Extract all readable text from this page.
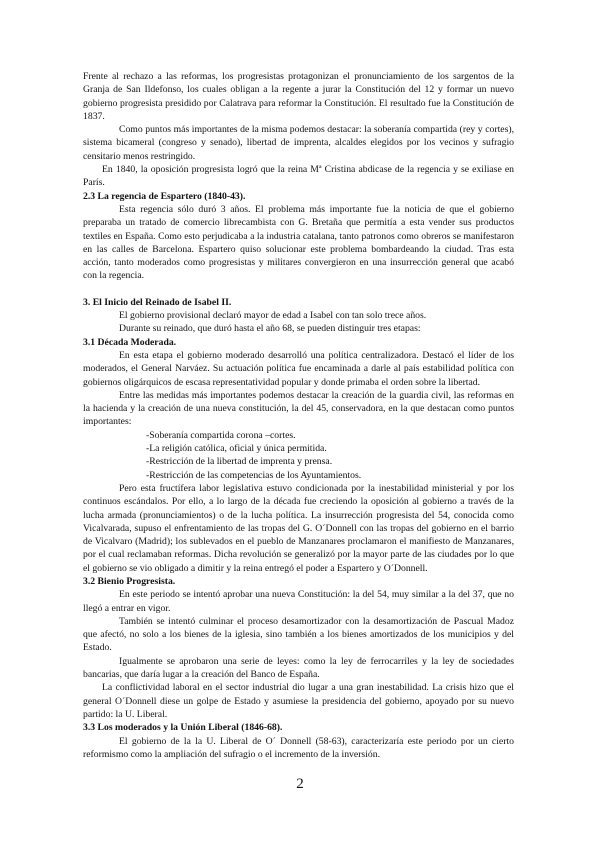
Frente al rechazo a las reformas, los progresistas protagonizan el pronunciamiento de los sargentos de la Granja de San Ildefonso, los cuales obligan a la regente a jurar la Constitución del 12 y formar un nuevo gobierno progresista presidido por Calatrava para reformar la Constitución. El resultado fue la Constitución de 1837.

Como puntos más importantes de la misma podemos destacar: la soberanía compartida (rey y cortes), sistema bicameral (congreso y senado), libertad de imprenta, alcaldes elegidos por los vecinos y sufragio censitario menos restringido.

En 1840, la oposición progresista logró que la reina Mª Cristina abdicase de la regencia y se exiliase en París.

2.3 La regencia de Espartero (1840-43).

Esta regencia sólo duró 3 años. El problema más importante fue la noticia de que el gobierno preparaba un tratado de comercio librecambista con G. Bretaña que permitía a esta vender sus productos textiles en España. Como esto perjudicaba a la industria catalana, tanto patronos como obreros se manifestaron en las calles de Barcelona. Espartero quiso solucionar este problema bombardeando la ciudad. Tras esta acción, tanto moderados como progresistas y militares convergieron en una insurrección general que acabó con la regencia.

3. El Inicio del Reinado de Isabel II.

El gobierno provisional declaró mayor de edad a Isabel con tan solo trece años.

Durante su reinado, que duró hasta el año 68, se pueden distinguir tres etapas:

3.1 Década Moderada.

En esta etapa el gobierno moderado desarrolló una política centralizadora. Destacó el líder de los moderados, el General Narváez. Su actuación política fue encaminada a darle al país estabilidad política con gobiernos oligárquicos de escasa representatividad popular y donde primaba el orden sobre la libertad.

Entre las medidas más importantes podemos destacar la creación de la guardia civil, las reformas en la hacienda y la creación de una nueva constitución, la del 45, conservadora, en la que destacan como puntos importantes:

-Soberanía compartida corona –cortes.
-La religión católica, oficial y única permitida.
-Restricción de la libertad de imprenta y prensa.
-Restricción de las competencias de los Ayuntamientos.

Pero esta fructífera labor legislativa estuvo condicionada por la inestabilidad ministerial y por los continuos escándalos. Por ello, a lo largo de la década fue creciendo la oposición al gobierno a través de la lucha armada (pronunciamientos) o de la lucha política. La insurrección progresista del 54, conocida como Vicalvarada, supuso el enfrentamiento de las tropas del G. O´Donnell con las tropas del gobierno en el barrio de Vicalvaro (Madrid); los sublevados en el pueblo de Manzanares proclamaron el manifiesto de Manzanares, por el cual reclamaban reformas. Dicha revolución se generalizó por la mayor parte de las ciudades por lo que el gobierno se vio obligado a dimitir y la reina entregó el poder a Espartero y O´Donnell.

3.2 Bienio Progresista.

En este periodo se intentó aprobar una nueva Constitución: la del 54, muy similar a la del 37, que no llegó a entrar en vigor.

También se intentó culminar el proceso desamortizador con la desamortización de Pascual Madoz que afectó, no solo a los bienes de la iglesia, sino también a los bienes amortizados de los municipios y del Estado.

Igualmente se aprobaron una serie de leyes: como la ley de ferrocarriles y la ley de sociedades bancarias, que daría lugar a la creación del Banco de España.

La conflictividad laboral en el sector industrial dio lugar a una gran inestabilidad. La crisis hizo que el general O´Donnell diese un golpe de Estado y asumiese la presidencia del gobierno, apoyado por su nuevo partido: la U. Liberal.

3.3 Los moderados y la Unión Liberal (1846-68).

El gobierno de la la U. Liberal de O´ Donnell (58-63), caracterizaría este periodo por un cierto reformismo como la ampliación del sufragio o el incremento de la inversión.

2
